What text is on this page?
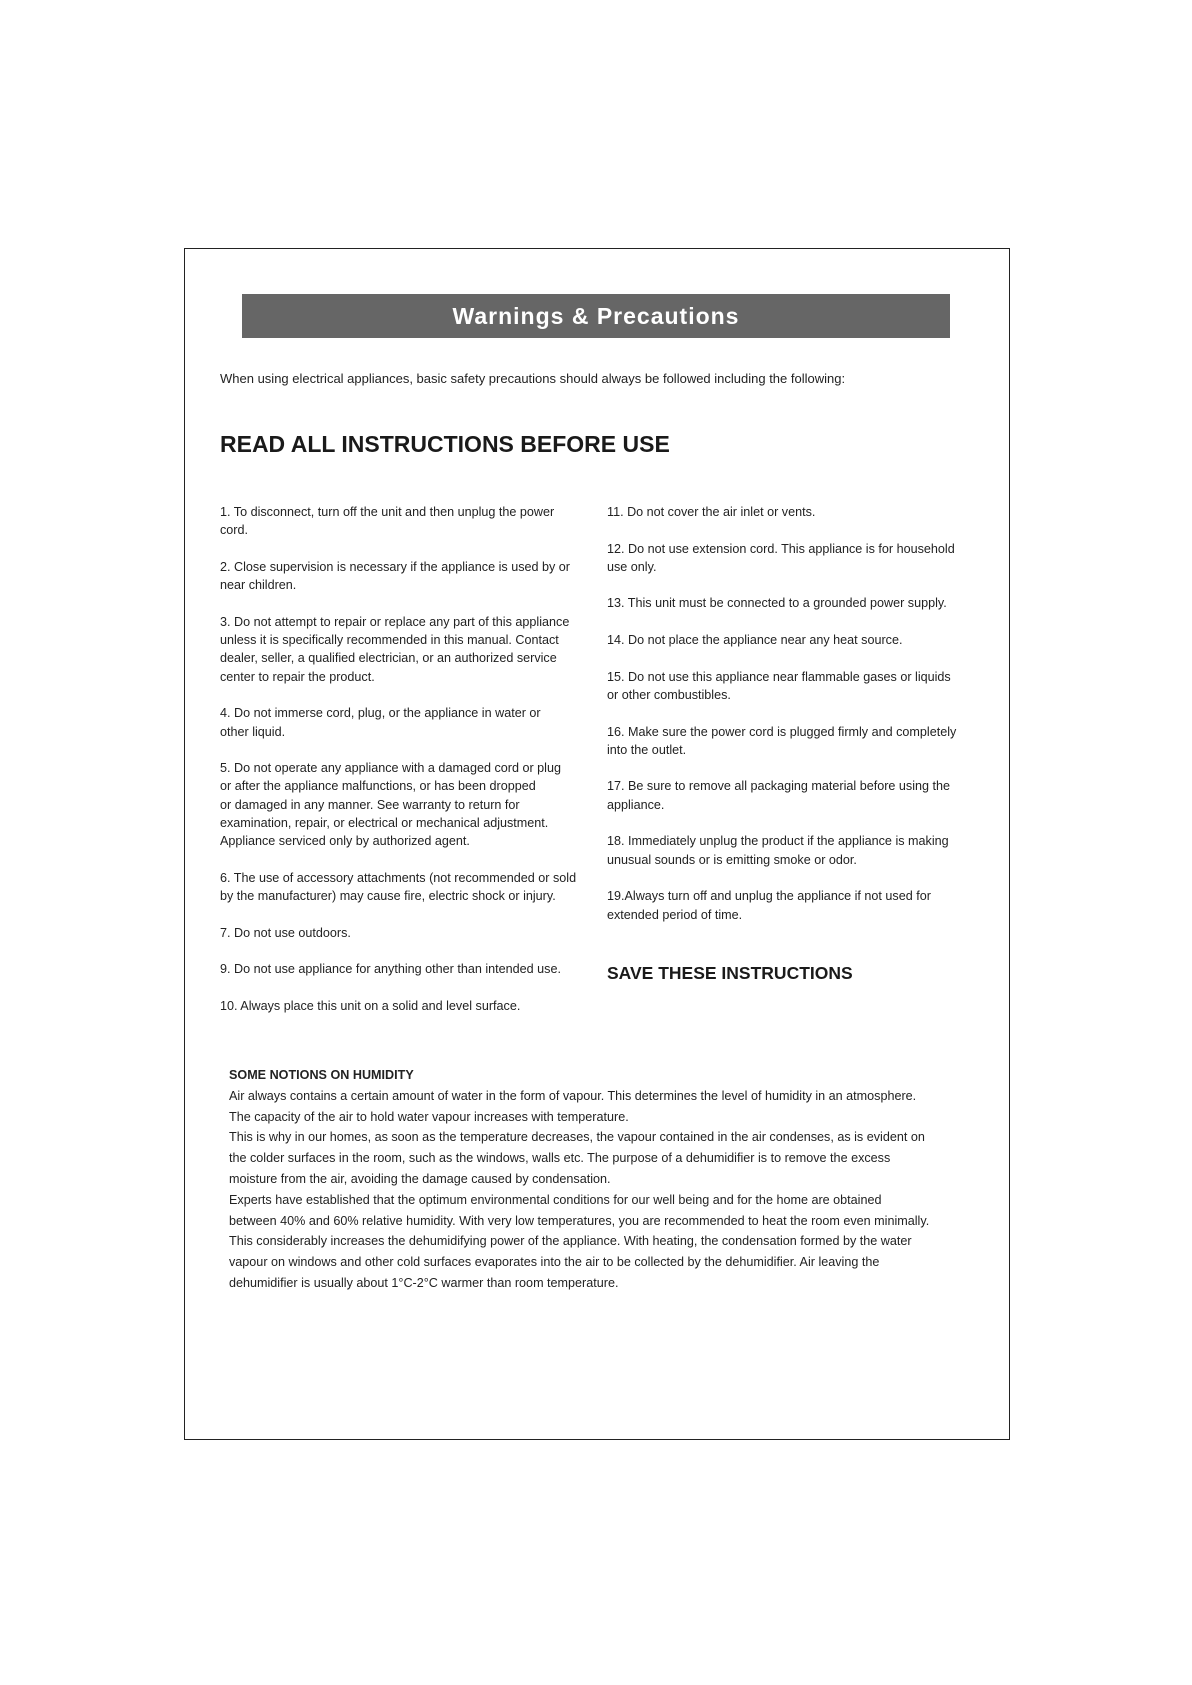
Warnings & Precautions
When using electrical appliances, basic safety precautions should always be followed including the following:
READ ALL INSTRUCTIONS BEFORE USE
1. To disconnect, turn off the unit and then unplug the power
cord.
2. Close supervision is necessary if the appliance is used by or
near children.
3. Do not attempt to repair or replace any part of this appliance
unless it is specifically recommended in this manual. Contact
dealer, seller, a qualified electrician, or an authorized service
center to repair the product.
4. Do not immerse cord, plug, or the appliance in water or
other liquid.
5. Do not operate any appliance with a damaged cord or plug
or after the appliance malfunctions, or has been dropped
or damaged in any manner. See warranty to return for
examination, repair, or electrical or mechanical adjustment.
Appliance serviced only by authorized agent.
6. The use of accessory attachments (not recommended or sold
by the manufacturer) may cause fire, electric shock or injury.
7. Do not use outdoors.
9. Do not use appliance for anything other than intended use.
10. Always place this unit on a solid and level surface.
11. Do not cover the air inlet or vents.
12. Do not use extension cord. This appliance is for household
use only.
13. This unit must be connected to a grounded power supply.
14. Do not place the appliance near any heat source.
15. Do not use this appliance near flammable gases or liquids
or other combustibles.
16. Make sure the power cord is plugged firmly and completely
into the outlet.
17. Be sure to remove all packaging material before using the
appliance.
18. Immediately unplug the product if the appliance is making
unusual sounds or is emitting smoke or odor.
19.Always turn off and unplug the appliance if not used for
extended period of time.
SAVE THESE INSTRUCTIONS
SOME NOTIONS ON HUMIDITY
Air always contains a certain amount of water in the form of vapour. This determines the level of humidity in an atmosphere.
The capacity of the air to hold water vapour increases with temperature.
This is why in our homes, as soon as the temperature decreases, the vapour contained in the air condenses, as is evident on
the colder surfaces in the room, such as the windows, walls etc. The purpose of a dehumidifier is to remove the excess
moisture from the air, avoiding the damage caused by condensation.
Experts have established that the optimum environmental conditions for our well being and for the home are obtained
between 40% and 60% relative humidity. With very low temperatures, you are recommended to heat the room even minimally.
This considerably increases the dehumidifying power of the appliance. With heating, the condensation formed by the water
vapour on windows and other cold surfaces evaporates into the air to be collected by the dehumidifier. Air leaving the
dehumidifier is usually about 1°C-2°C warmer than room temperature.
